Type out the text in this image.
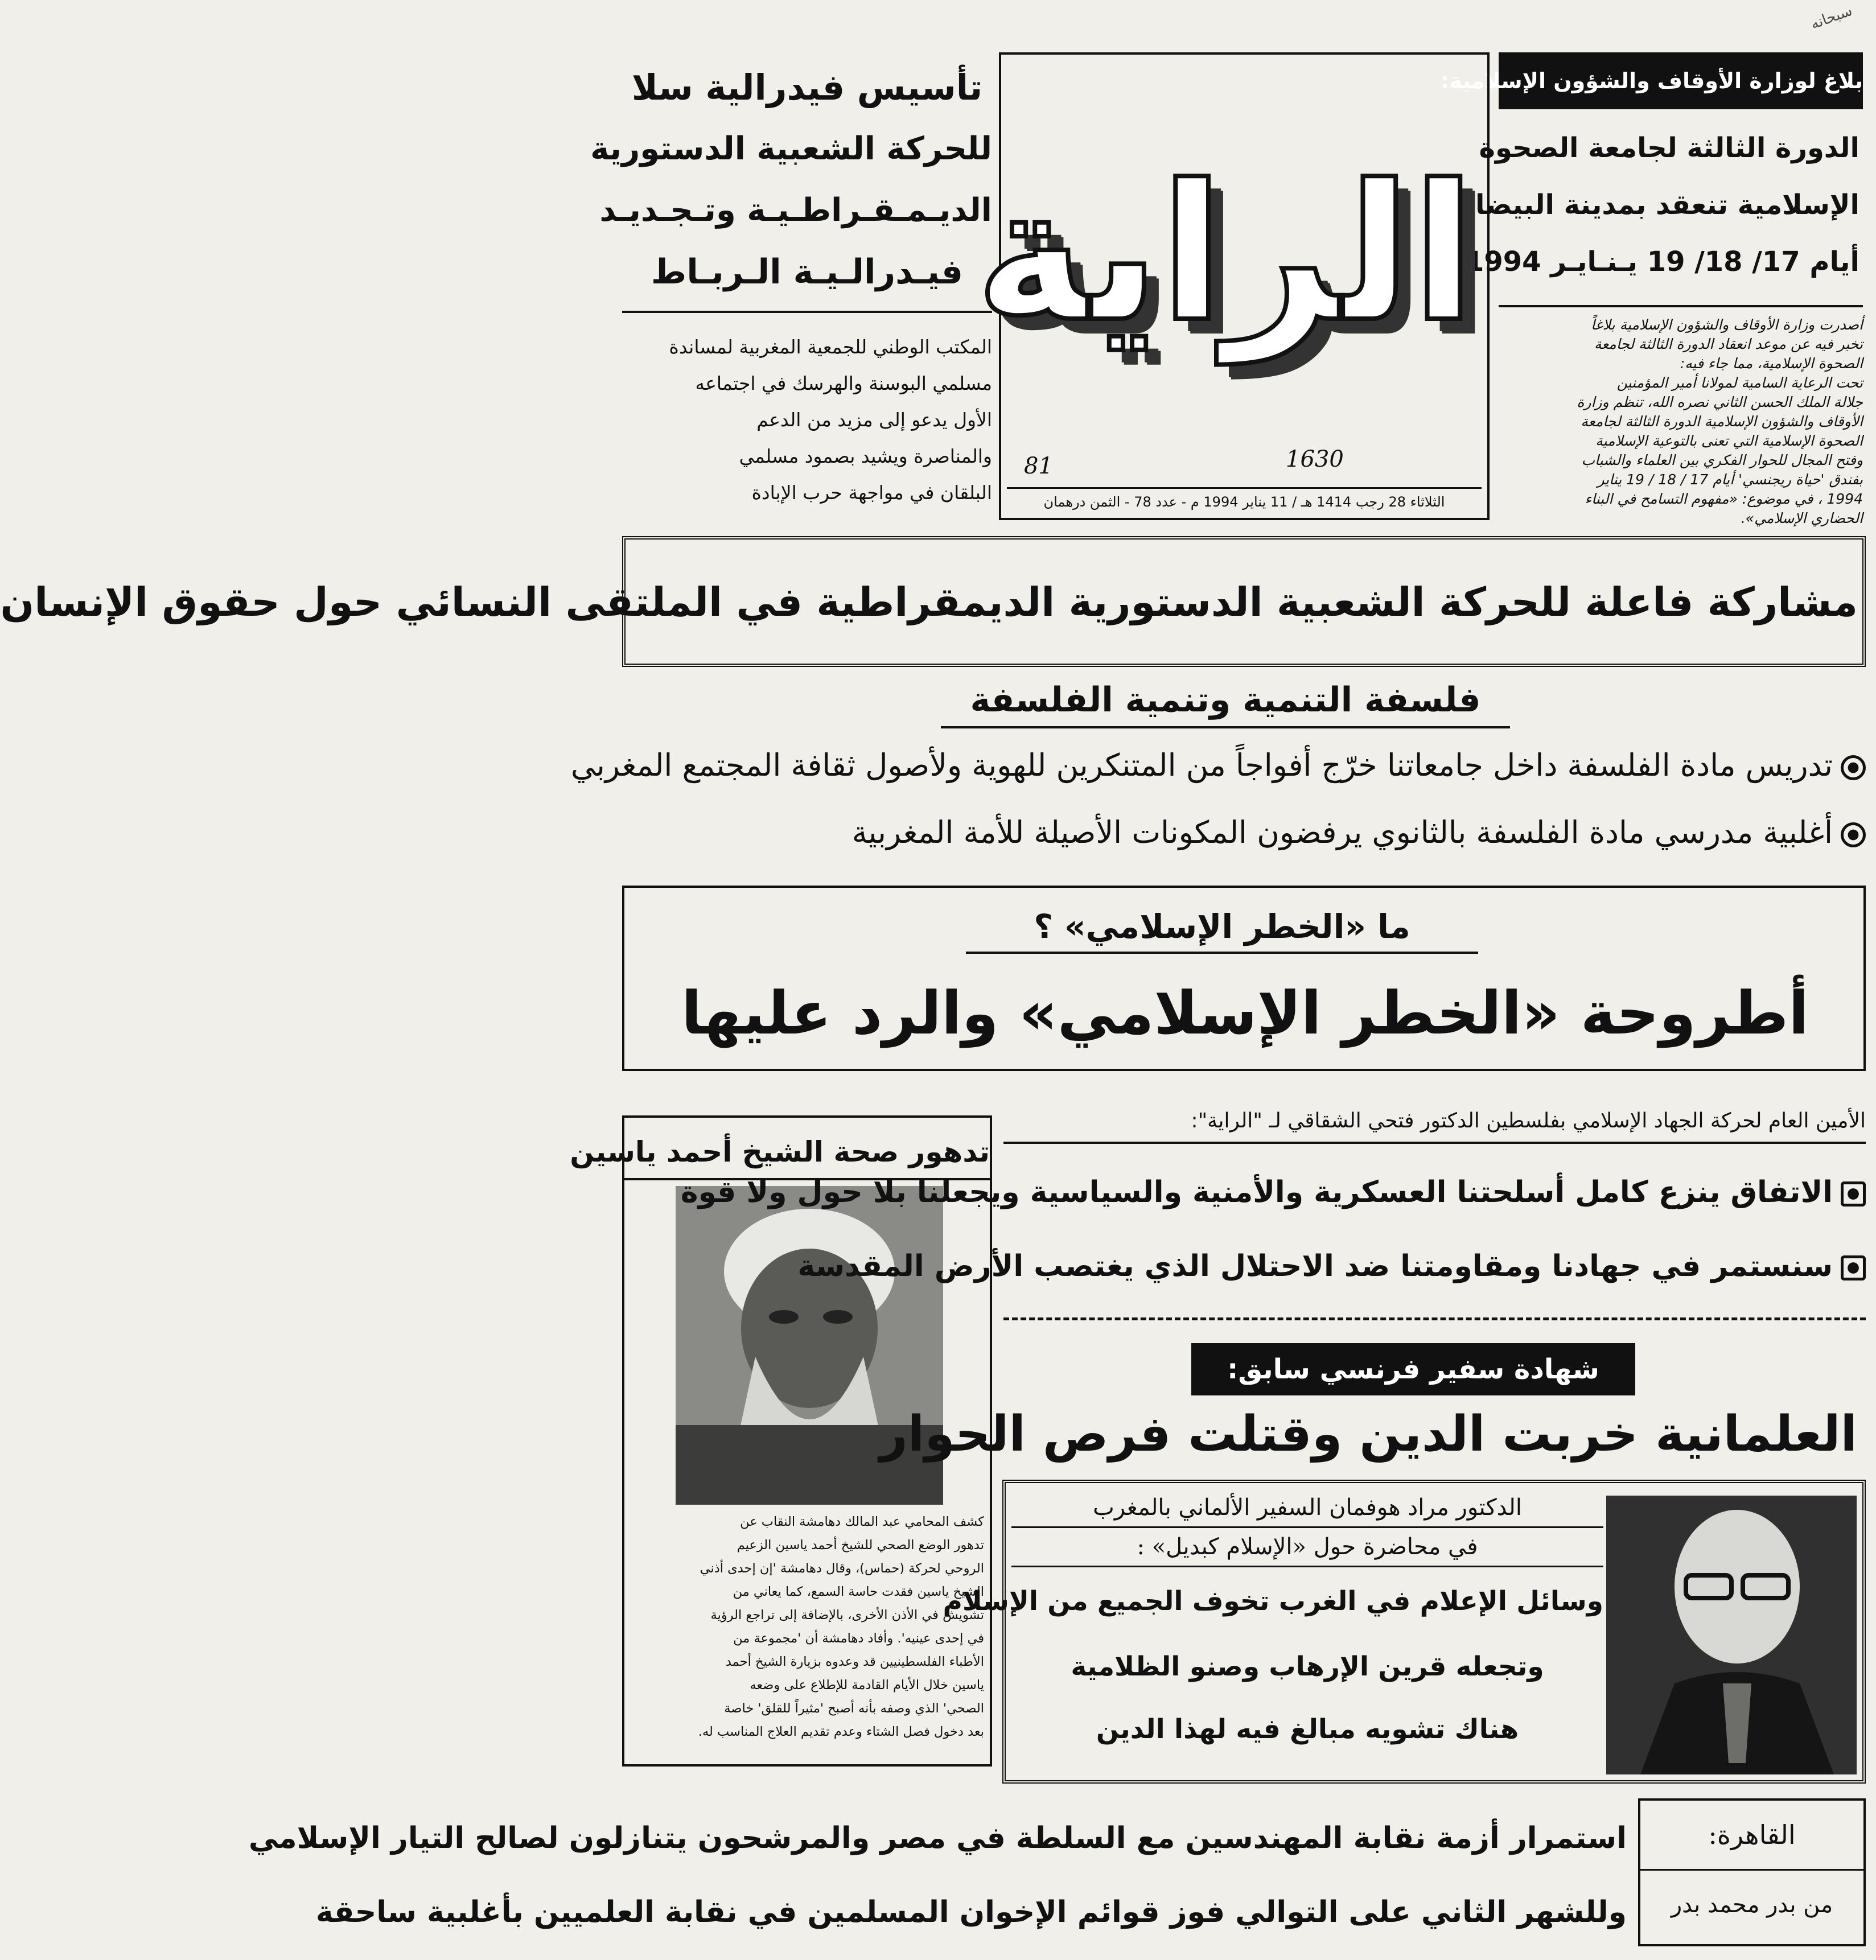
سبحانه
بلاغ لوزارة الأوقاف والشؤون الإسلامية:

الدورة الثالثة لجامعة الصحوة

الإسلامية تنعقد بمدينة البيضاء

أيام 17/ 18/ 19 يـنـايـر 1994

أصدرت وزارة الأوقاف والشؤون الإسلامية بلاغاً

تخبر فيه عن موعد انعقاد الدورة الثالثة لجامعة

الصحوة الإسلامية، مما جاء فيه:

تحت الرعاية السامية لمولانا أمير المؤمنين

جلالة الملك الحسن الثاني نصره الله، تنظم وزارة

الأوقاف والشؤون الإسلامية الدورة الثالثة لجامعة

الصحوة الإسلامية التي تعنى بالتوعية الإسلامية

وفتح المجال للحوار الفكري بين العلماء والشباب

بفندق 'حياة ريجنسي' أيام 17 / 18 / 19 يناير

1994 ، في موضوع: «مفهوم التسامح في البناء

الحضاري الإسلامي».

الراية
81	1630
الثلاثاء 28 رجب 1414 هـ / 11 يناير 1994 م - عدد 78 - الثمن درهمان

تأسيس فيدرالية سلا

للحركة الشعبية الدستورية

الديـمـقـراطـيـة وتـجـديـد

فيـدرالـيـة الـربـاط

المكتب الوطني للجمعية المغربية لمساندة

مسلمي البوسنة والهرسك في اجتماعه

الأول يدعو إلى مزيد من الدعم

والمناصرة ويشيد بصمود مسلمي

البلقان في مواجهة حرب الإبادة

مشاركة فاعلة للحركة الشعبية الدستورية الديمقراطية في الملتقى النسائي حول حقوق الإنسان
فلسفة التنمية وتنمية الفلسفة
تدريس مادة الفلسفة داخل جامعاتنا خرّج أفواجاً من المتنكرين للهوية ولأصول ثقافة المجتمع المغربي
أغلبية مدرسي مادة الفلسفة بالثانوي يرفضون المكونات الأصيلة للأمة المغربية
ما «الخطر الإسلامي» ؟
أطروحة «الخطر الإسلامي» والرد عليها
تدهور صحة الشيخ أحمد ياسين

كشف المحامي عبد المالك دهامشة النقاب عن

تدهور الوضع الصحي للشيخ أحمد ياسين الزعيم

الروحي لحركة (حماس)، وقال دهامشة 'إن إحدى أذني

الشيخ ياسين فقدت حاسة السمع، كما يعاني من

تشويش في الأذن الأخرى، بالإضافة إلى تراجع الرؤية

في إحدى عينيه'. وأفاد دهامشة أن 'مجموعة من

الأطباء الفلسطينيين قد وعدوه بزيارة الشيخ أحمد

ياسين خلال الأيام القادمة للإطلاع على وضعه

الصحي' الذي وصفه بأنه أصبح 'مثيراً للقلق' خاصة

بعد دخول فصل الشتاء وعدم تقديم العلاج المناسب له.

الأمين العام لحركة الجهاد الإسلامي بفلسطين الدكتور فتحي الشقاقي لـ "الراية":
الاتفاق ينزع كامل أسلحتنا العسكرية والأمنية والسياسية ويجعلنا بلا حول ولا قوة
سنستمر في جهادنا ومقاومتنا ضد الاحتلال الذي يغتصب الأرض المقدسة
شهادة سفير فرنسي سابق:
العلمانية خربت الدين وقتلت فرص الحوار

الدكتور مراد هوفمان السفير الألماني بالمغرب

في محاضرة حول «الإسلام كبديل» :

وسائل الإعلام في الغرب تخوف الجميع من الإسلام

وتجعله قرين الإرهاب وصنو الظلامية

هناك تشويه مبالغ فيه لهذا الدين

القاهرة:

من بدر محمد بدر

استمرار أزمة نقابة المهندسين مع السلطة في مصر والمرشحون يتنازلون لصالح التيار الإسلامي
وللشهر الثاني على التوالي فوز قوائم الإخوان المسلمين في نقابة العلميين بأغلبية ساحقة
